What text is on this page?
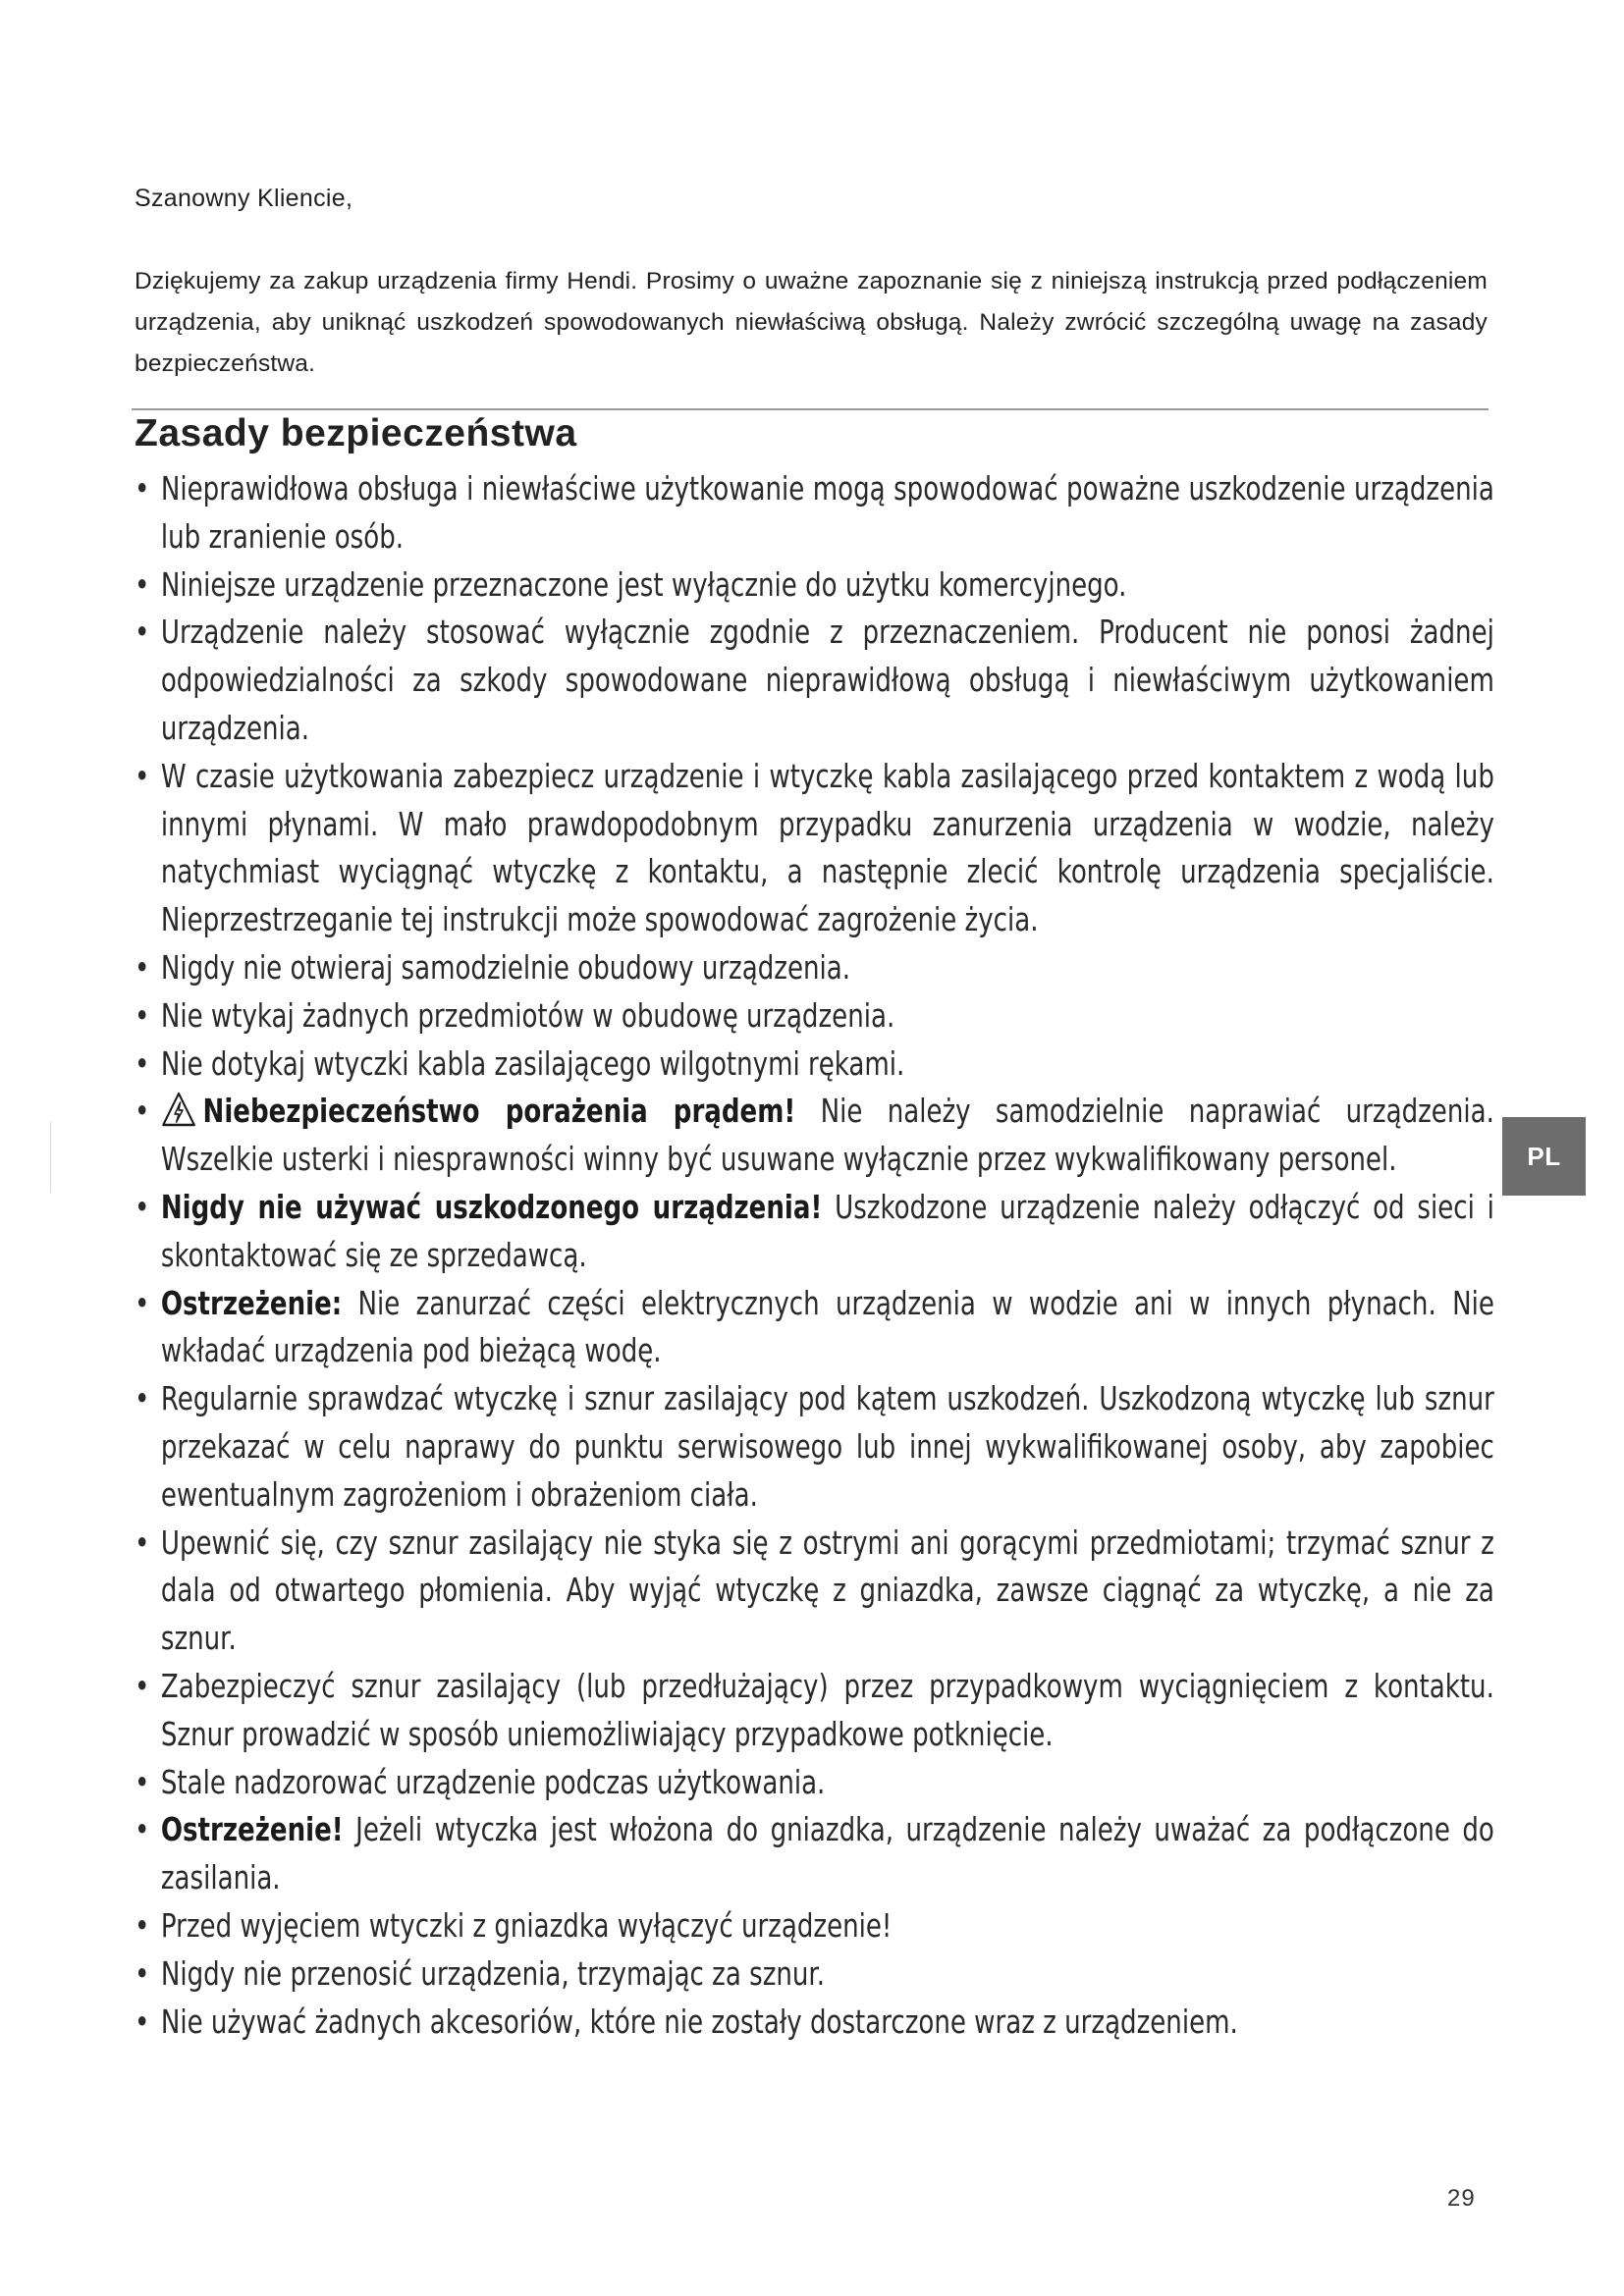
Szanowny Kliencie,
Dziękujemy za zakup urządzenia firmy Hendi. Prosimy o uważne zapoznanie się z niniejszą instrukcją przed podłączeniem urządzenia, aby uniknąć uszkodzeń spowodowanych niewłaściwą obsługą. Należy zwrócić szczególną uwagę na zasady bezpieczeństwa.
Zasady bezpieczeństwa
• Nieprawidłowa obsługa i niewłaściwe użytkowanie mogą spowodować poważne uszkodzenie urządzenia lub zranienie osób.
• Niniejsze urządzenie przeznaczone jest wyłącznie do użytku komercyjnego.
• Urządzenie należy stosować wyłącznie zgodnie z przeznaczeniem. Producent nie ponosi żadnej odpowiedzialności za szkody spowodowane nieprawidłową obsługą i niewłaściwym użytkowaniem urządzenia.
• W czasie użytkowania zabezpiecz urządzenie i wtyczkę kabla zasilającego przed kontaktem z wodą lub innymi płynami. W mało prawdopodobnym przypadku zanurzenia urządzenia w wodzie, należy natychmiast wyciągnąć wtyczkę z kontaktu, a następnie zlecić kontrolę urządzenia specjaliście. Nieprzestrzeganie tej instrukcji może spowodować zagrożenie życia.
• Nigdy nie otwieraj samodzielnie obudowy urządzenia.
• Nie wtykaj żadnych przedmiotów w obudowę urządzenia.
• Nie dotykaj wtyczki kabla zasilającego wilgotnymi rękami.
• Niebezpieczeństwo porażenia prądem! Nie należy samodzielnie naprawiać urządzenia. Wszelkie usterki i niesprawności winny być usuwane wyłącznie przez wykwalifikowany personel.
• Nigdy nie używać uszkodzonego urządzenia! Uszkodzone urządzenie należy odłączyć od sieci i skontaktować się ze sprzedawcą.
• Ostrzeżenie: Nie zanurzać części elektrycznych urządzenia w wodzie ani w innych płynach. Nie wkładać urządzenia pod bieżącą wodę.
• Regularnie sprawdzać wtyczkę i sznur zasilający pod kątem uszkodzeń. Uszkodzoną wtyczkę lub sznur przekazać w celu naprawy do punktu serwisowego lub innej wykwalifikowanej osoby, aby zapobiec ewentualnym zagrożeniom i obrażeniom ciała.
• Upewnić się, czy sznur zasilający nie styka się z ostrymi ani gorącymi przedmiotami; trzymać sznur z dala od otwartego płomienia. Aby wyjąć wtyczkę z gniazdka, zawsze ciągnąć za wtyczkę, a nie za sznur.
• Zabezpieczyć sznur zasilający (lub przedłużający) przez przypadkowym wyciągnięciem z kontaktu. Sznur prowadzić w sposób uniemożliwiający przypadkowe potknięcie.
• Stale nadzorować urządzenie podczas użytkowania.
• Ostrzeżenie! Jeżeli wtyczka jest włożona do gniazdka, urządzenie należy uważać za podłączone do zasilania.
• Przed wyjęciem wtyczki z gniazdka wyłączyć urządzenie!
• Nigdy nie przenosić urządzenia, trzymając za sznur.
• Nie używać żadnych akcesoriów, które nie zostały dostarczone wraz z urządzeniem.
PL
29
